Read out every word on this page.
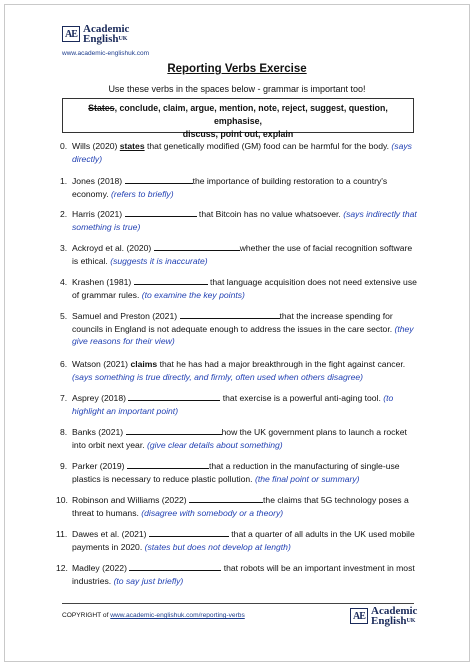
AE Academic
English$^{UK}$
www.academic-englishuk.com
Reporting Verbs Exercise
Use these verbs in the spaces below - grammar is important too!
States, conclude, claim, argue, mention, note, reject, suggest, question, emphasise,
discuss, point out, explain
0. Wills (2020) states that genetically modified (GM) food can be harmful for the body. (says directly)
1. Jones (2018)	the importance of building restoration to a country's economy. (refers to briefly)
2. Harris (2021)	that Bitcoin has no value whatsoever. (says indirectly that something is true)
3. Ackroyd et al. (2020)	whether the use of facial recognition software is ethical. (suggests it is inaccurate)
4. Krashen (1981)	that language acquisition does not need extensive use of grammar rules. (to examine the key points)
5. Samuel and Preston (2021)	that the increase spending for councils in England is not adequate enough to address the issues in the care sector. (they give reasons for their view)
6. Watson (2021) claims that he has had a major breakthrough in the fight against cancer. (says something is true directly, and firmly, often used when others disagree)
7. Asprey (2018)	that exercise is a powerful anti-aging tool. (to highlight an important point)
8. Banks (2021)	how the UK government plans to launch a rocket into orbit next year. (give clear details about something)
9. Parker (2019)	that a reduction in the manufacturing of single-use plastics is necessary to reduce plastic pollution. (the final point or summary)
10. Robinson and Williams (2022)	the claims that 5G technology poses a threat to humans. (disagree with somebody or a theory)
11. Dawes et al. (2021)	that a quarter of all adults in the UK used mobile payments in 2020. (states but does not develop at length)
12. Madley (2022)	that robots will be an important investment in most industries. (to say just briefly)
COPYRIGHT of www.academic-englishuk.com/reporting-verbs	AE Academic
English$^{UK}$
